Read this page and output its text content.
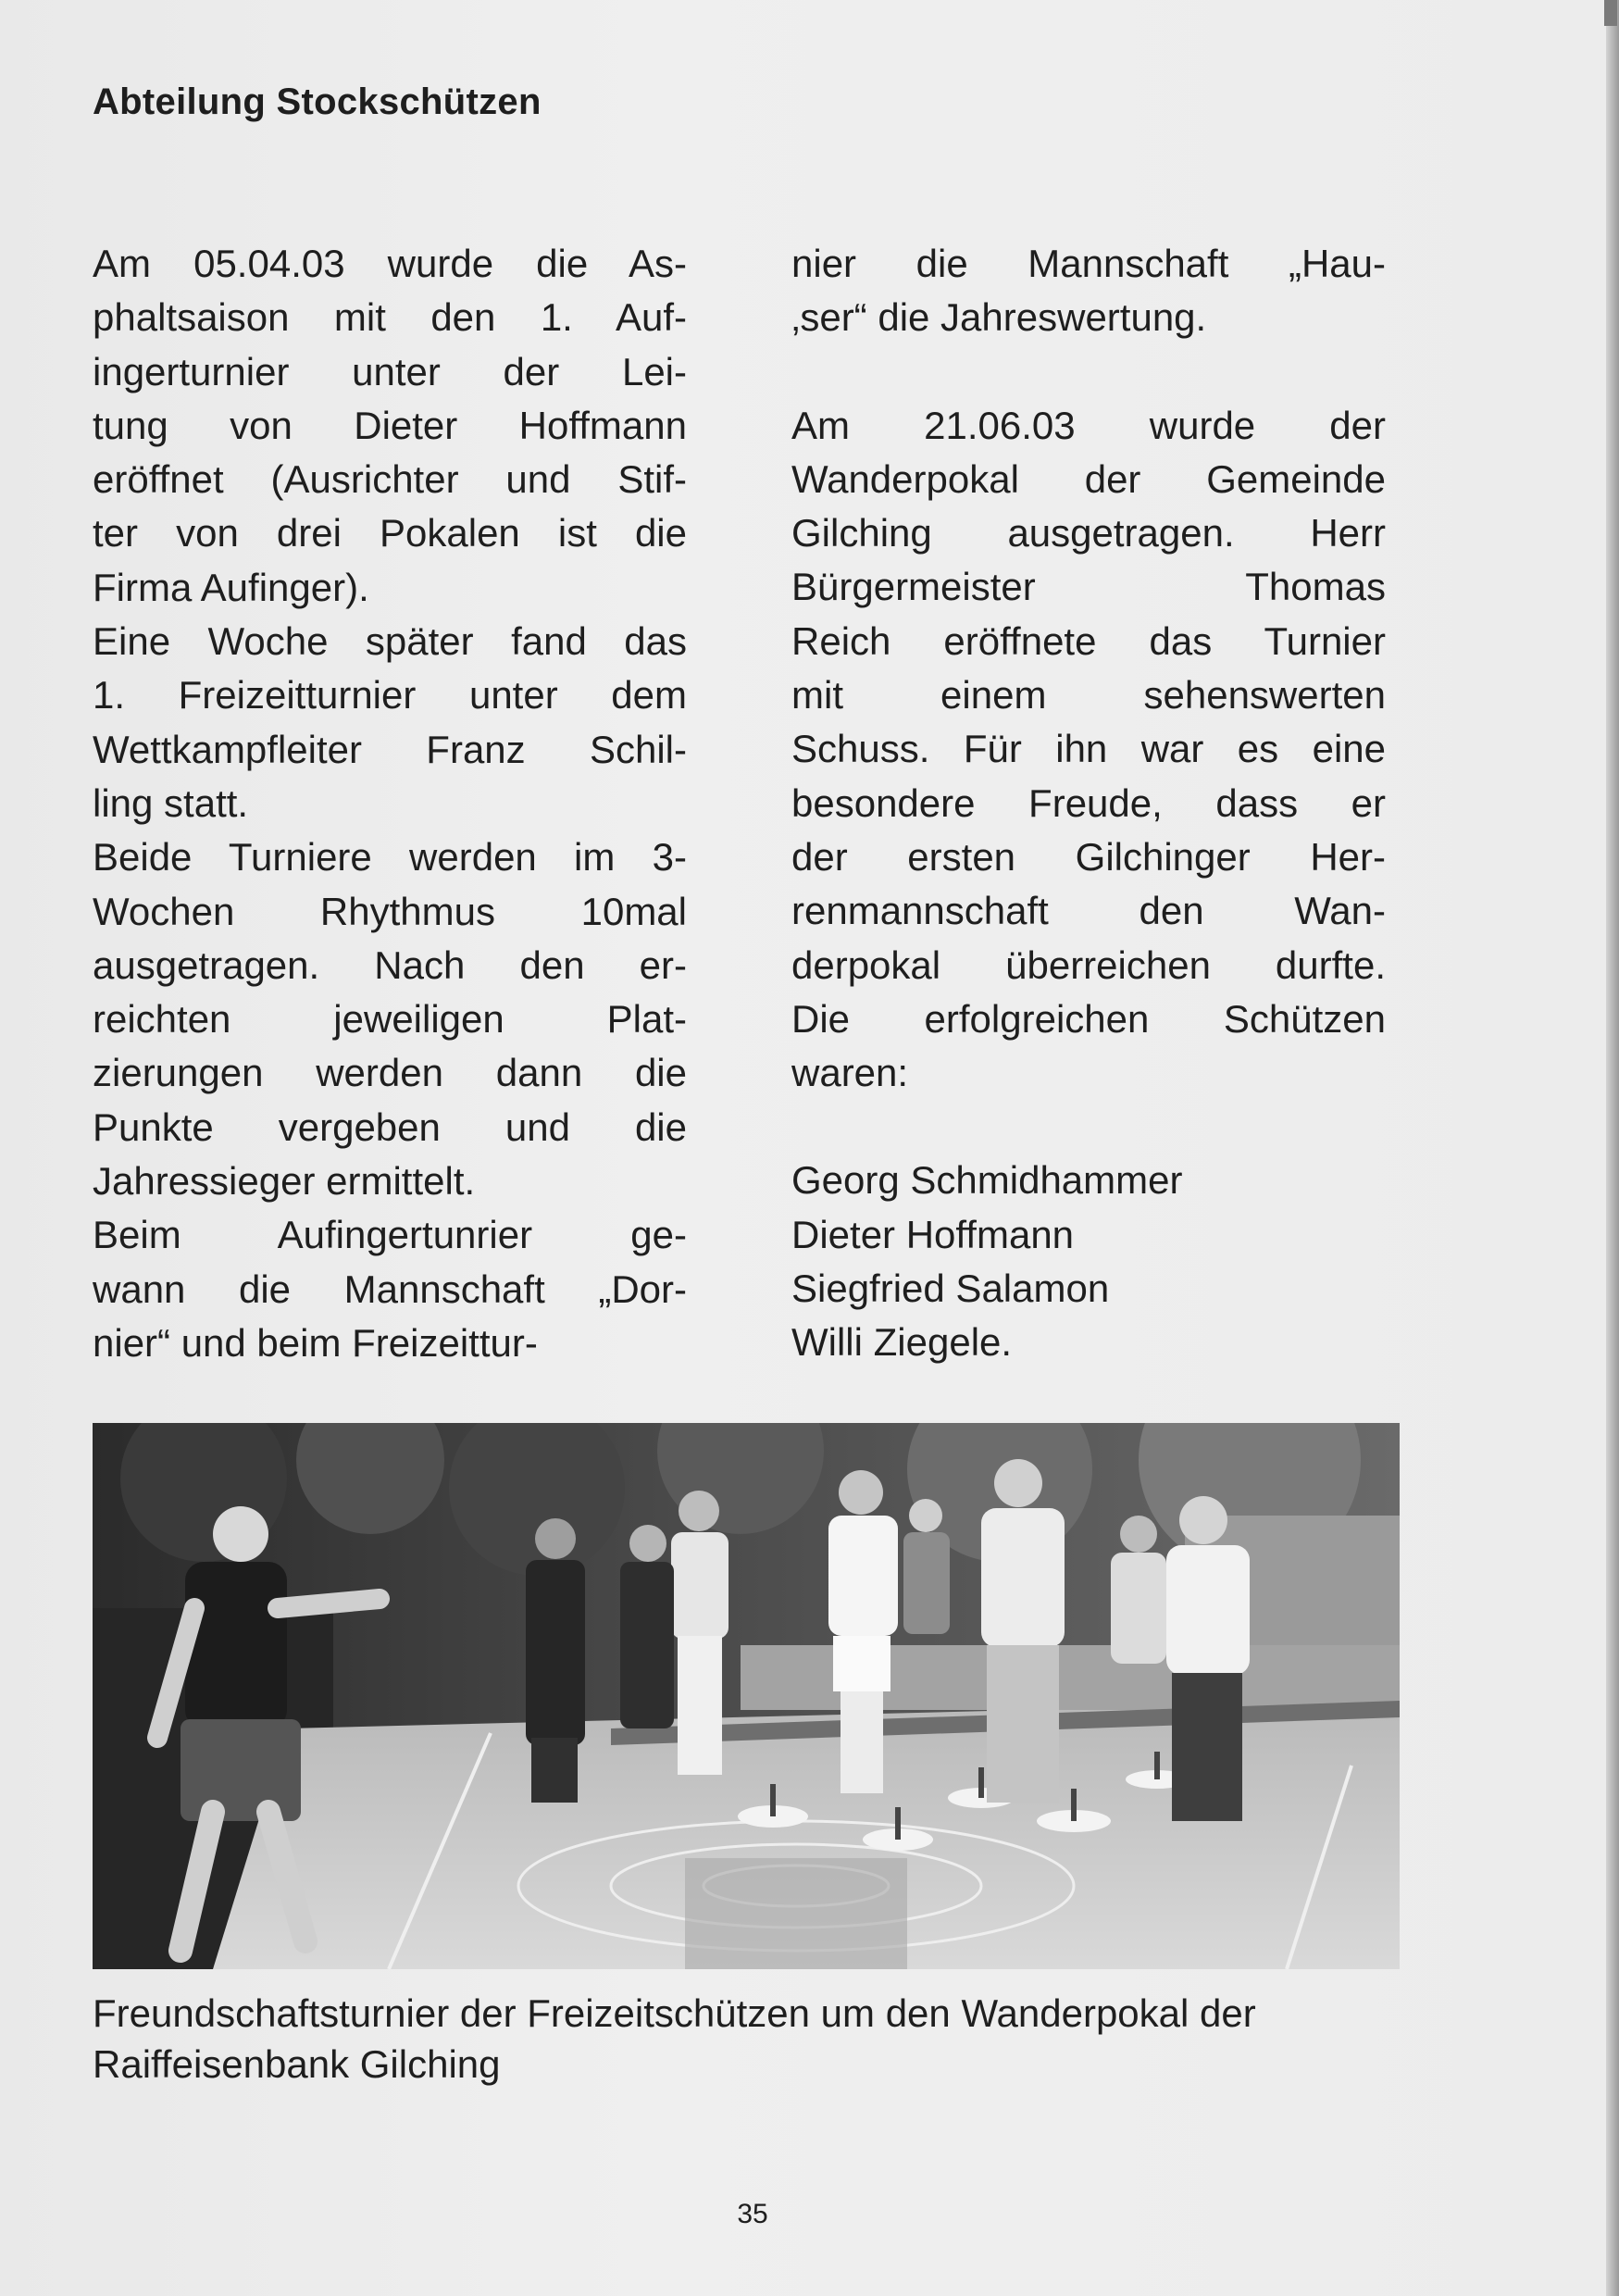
Abteilung Stockschützen

Am 05.04.03 wurde die As-

phaltsaison mit den 1. Auf-

ingerturnier unter der Lei-

tung von Dieter Hoffmann

eröffnet (Ausrichter und Stif-

ter von drei Pokalen ist die

Firma Aufinger).

Eine Woche später fand das

1. Freizeitturnier unter dem

Wettkampfleiter Franz Schil-

ling statt.

Beide Turniere werden im 3-

Wochen Rhythmus 10mal

ausgetragen. Nach den er-

reichten jeweiligen Plat-

zierungen werden dann die

Punkte vergeben und die

Jahressieger ermittelt.

Beim Aufingertunrier ge-

wann die Mannschaft „Dor-

nier“ und beim Freizeittur-

nier die Mannschaft „Hau-

‚ser“ die Jahreswertung.

Am 21.06.03 wurde der

Wanderpokal der Gemeinde

Gilching ausgetragen. Herr

Bürgermeister Thomas

Reich eröffnete das Turnier

mit einem sehenswerten

Schuss. Für ihn war es eine

besondere Freude, dass er

der ersten Gilchinger Her-

renmannschaft den Wan-

derpokal überreichen durfte.

Die erfolgreichen Schützen

waren:

Georg Schmidhammer

Dieter Hoffmann

Siegfried Salamon

Willi Ziegele.

Freundschaftsturnier der Freizeitschützen um den Wanderpokal der Raiffeisenbank Gilching

35
